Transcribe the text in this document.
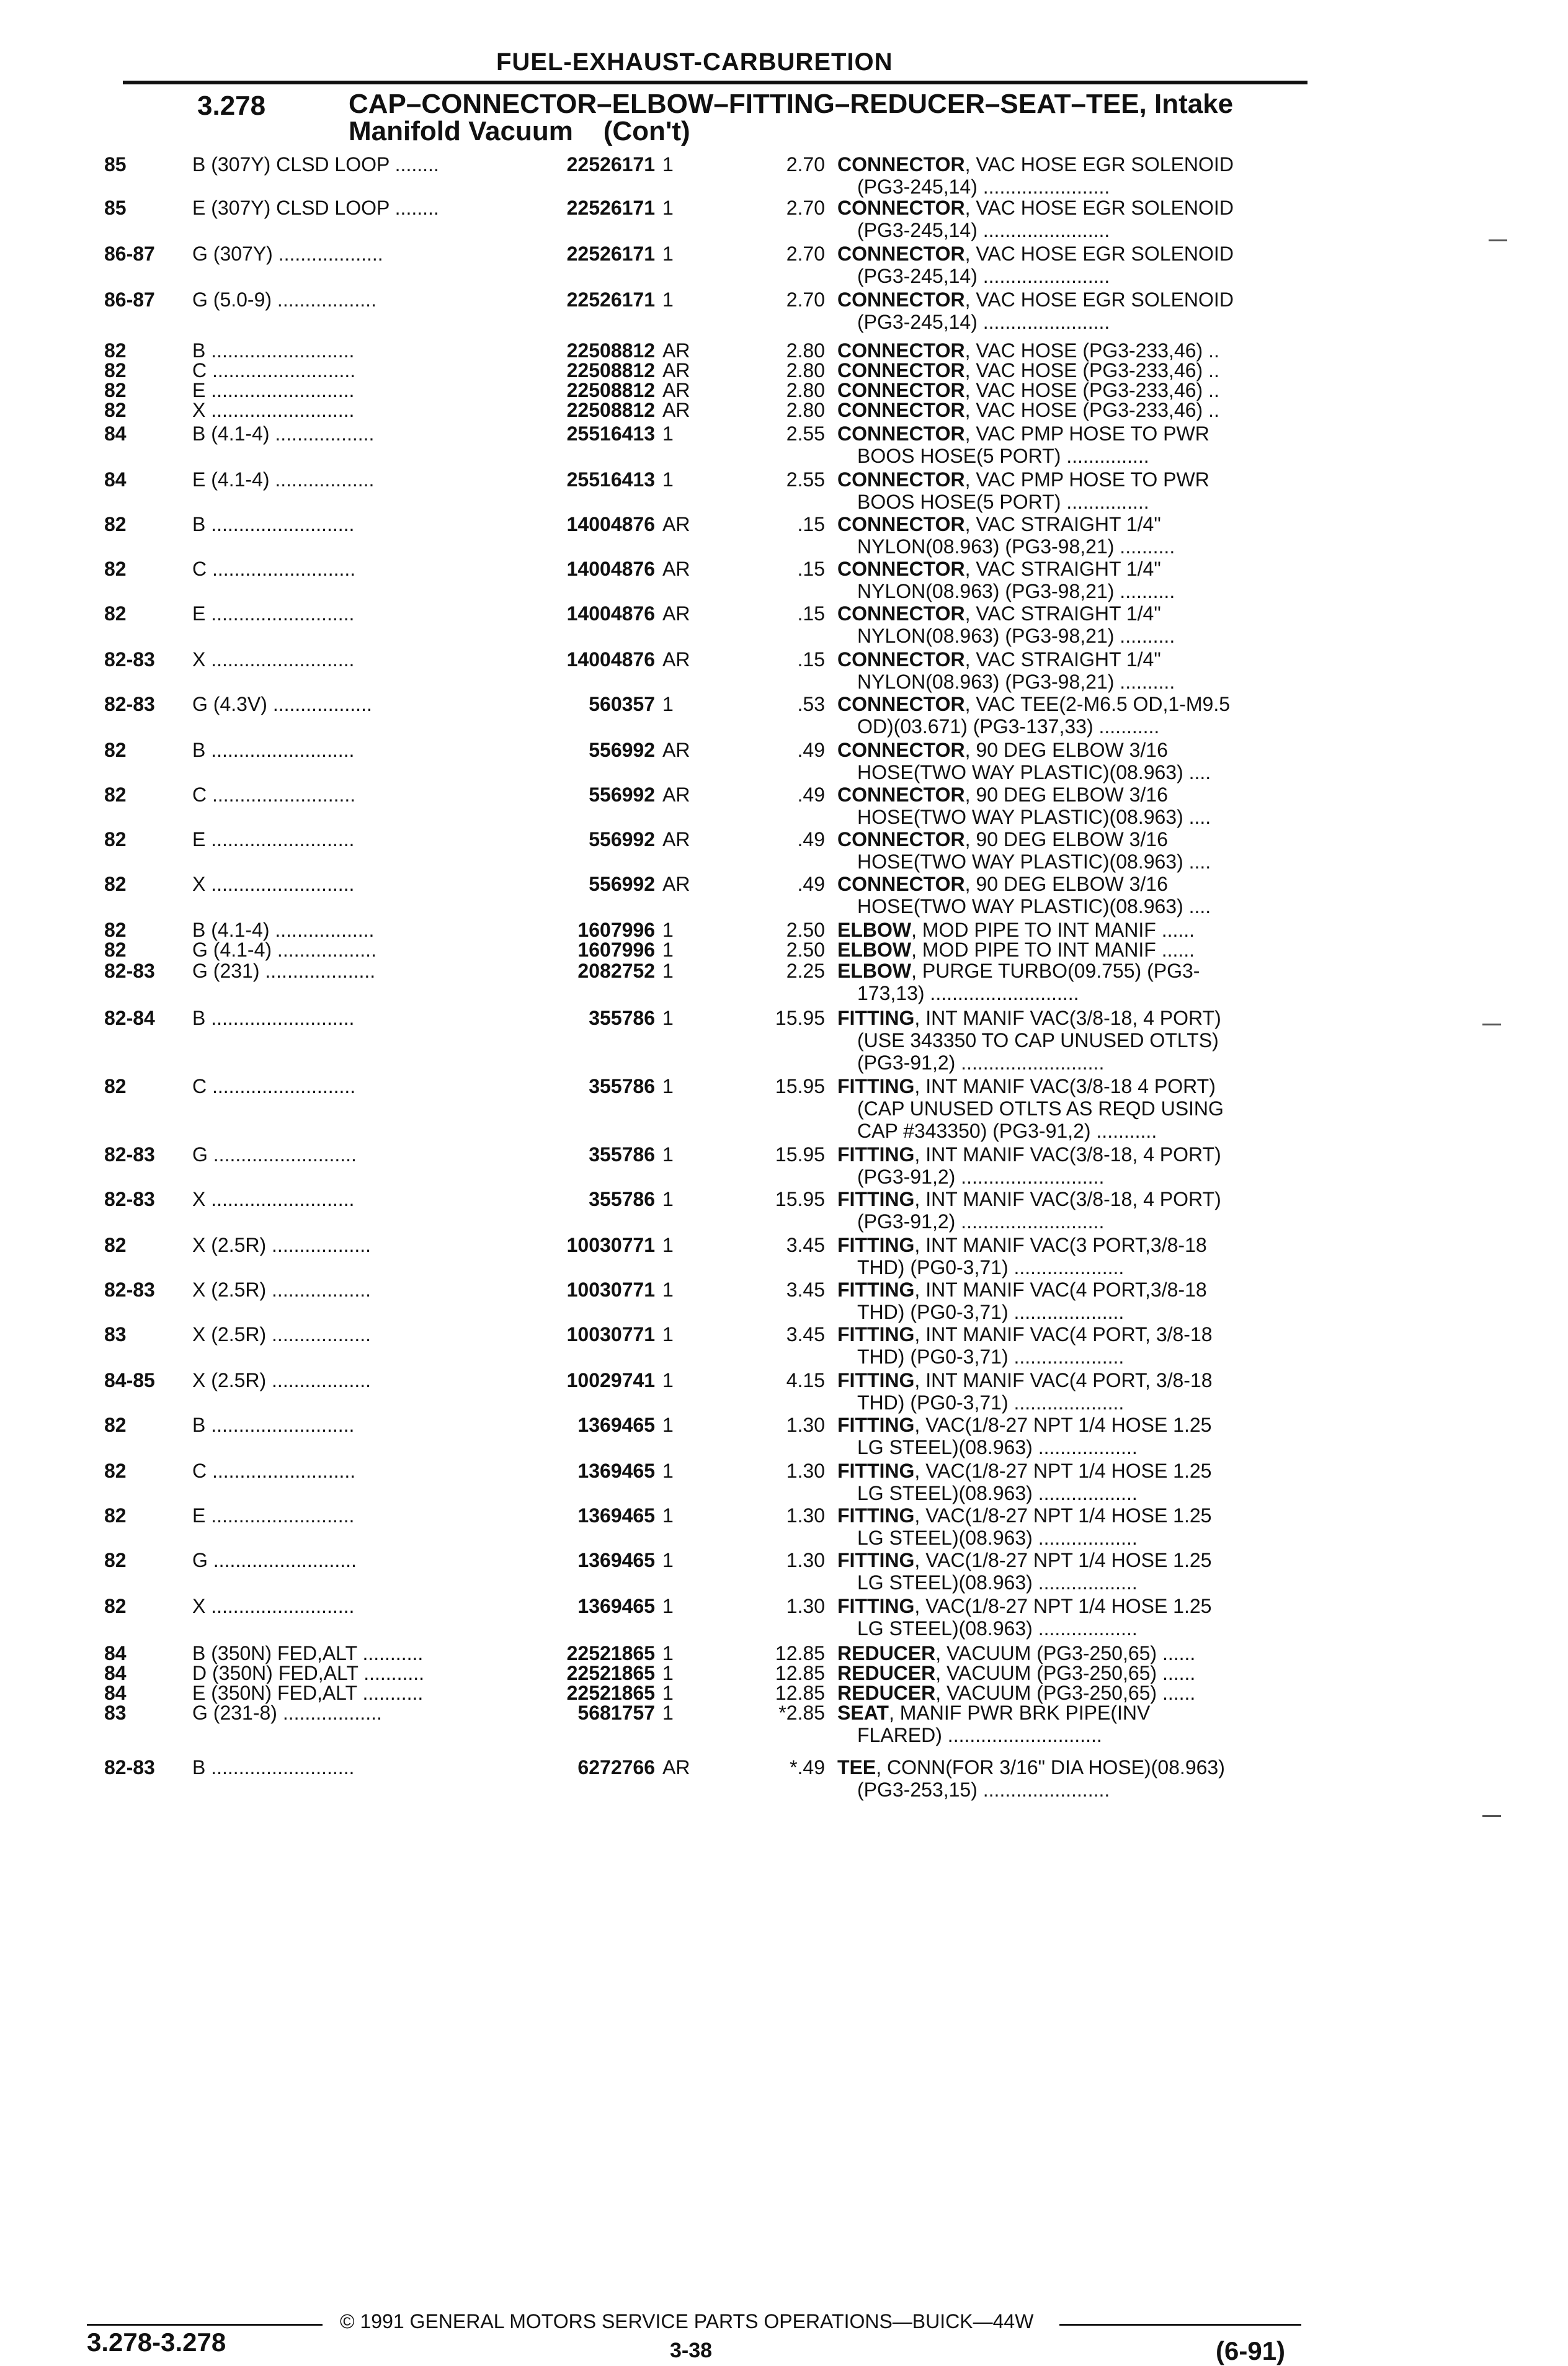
FUEL-EXHAUST-CARBURETION
3.278	CAP–CONNECTOR–ELBOW–FITTING–REDUCER–SEAT–TEE, Intake
Manifold Vacuum    (Con't)
85	B (307Y) CLSD LOOP ........	22526171 1	2.70 CONNECTOR, VAC HOSE EGR SOLENOID
(PG3-245,14) .......................
85	E (307Y) CLSD LOOP ........	22526171 1	2.70 CONNECTOR, VAC HOSE EGR SOLENOID
(PG3-245,14) .......................
86-87 G (307Y) ...................	22526171 1	2.70 CONNECTOR, VAC HOSE EGR SOLENOID
(PG3-245,14) .......................
86-87 G (5.0-9) ..................	22526171 1	2.70 CONNECTOR, VAC HOSE EGR SOLENOID
(PG3-245,14) .......................
82	B ..........................	22508812 AR	2.80 CONNECTOR, VAC HOSE (PG3-233,46) ..
82	C ..........................	22508812 AR	2.80 CONNECTOR, VAC HOSE (PG3-233,46) ..
82	E ..........................	22508812 AR	2.80 CONNECTOR, VAC HOSE (PG3-233,46) ..
82	X ..........................	22508812 AR	2.80 CONNECTOR, VAC HOSE (PG3-233,46) ..
84	B (4.1-4) ..................	25516413 1	2.55 CONNECTOR, VAC PMP HOSE TO PWR
BOOS HOSE(5 PORT) ...............
84	E (4.1-4) ..................	25516413 1	2.55 CONNECTOR, VAC PMP HOSE TO PWR
BOOS HOSE(5 PORT) ...............
82	B ..........................	14004876 AR	.15 CONNECTOR, VAC STRAIGHT 1/4"
NYLON(08.963) (PG3-98,21) ..........
82	C ..........................	14004876 AR	.15 CONNECTOR, VAC STRAIGHT 1/4"
NYLON(08.963) (PG3-98,21) ..........
82	E ..........................	14004876 AR	.15 CONNECTOR, VAC STRAIGHT 1/4"
NYLON(08.963) (PG3-98,21) ..........
82-83 X ..........................	14004876 AR	.15 CONNECTOR, VAC STRAIGHT 1/4"
NYLON(08.963) (PG3-98,21) ..........
82-83 G (4.3V) ..................	560357 1	.53 CONNECTOR, VAC TEE(2-M6.5 OD,1-M9.5
OD)(03.671) (PG3-137,33) ...........
82	B ..........................	556992 AR	.49 CONNECTOR, 90 DEG ELBOW 3/16
HOSE(TWO WAY PLASTIC)(08.963) ....
82	C ..........................	556992 AR	.49 CONNECTOR, 90 DEG ELBOW 3/16
HOSE(TWO WAY PLASTIC)(08.963) ....
82	E ..........................	556992 AR	.49 CONNECTOR, 90 DEG ELBOW 3/16
HOSE(TWO WAY PLASTIC)(08.963) ....
82	X ..........................	556992 AR	.49 CONNECTOR, 90 DEG ELBOW 3/16
HOSE(TWO WAY PLASTIC)(08.963) ....
82	B (4.1-4) ..................	1607996 1	2.50 ELBOW, MOD PIPE TO INT MANIF ......
82	G (4.1-4) ..................	1607996 1	2.50 ELBOW, MOD PIPE TO INT MANIF ......
82-83 G (231) ....................	2082752 1	2.25 ELBOW, PURGE TURBO(09.755) (PG3-
173,13) ...........................
82-84 B ..........................	355786 1	15.95 FITTING, INT MANIF VAC(3/8-18, 4 PORT)
(USE 343350 TO CAP UNUSED OTLTS)
(PG3-91,2) ..........................
82	C ..........................	355786 1	15.95 FITTING, INT MANIF VAC(3/8-18 4 PORT)
(CAP UNUSED OTLTS AS REQD USING
CAP #343350) (PG3-91,2) ...........
82-83 G ..........................	355786 1	15.95 FITTING, INT MANIF VAC(3/8-18, 4 PORT)
(PG3-91,2) ..........................
82-83 X ..........................	355786 1	15.95 FITTING, INT MANIF VAC(3/8-18, 4 PORT)
(PG3-91,2) ..........................
82	X (2.5R) ..................	10030771 1	3.45 FITTING, INT MANIF VAC(3 PORT,3/8-18
THD) (PG0-3,71) ....................
82-83 X (2.5R) ..................	10030771 1	3.45 FITTING, INT MANIF VAC(4 PORT,3/8-18
THD) (PG0-3,71) ....................
83	X (2.5R) ..................	10030771 1	3.45 FITTING, INT MANIF VAC(4 PORT, 3/8-18
THD) (PG0-3,71) ....................
84-85 X (2.5R) ..................	10029741 1	4.15 FITTING, INT MANIF VAC(4 PORT, 3/8-18
THD) (PG0-3,71) ....................
82	B ..........................	1369465 1	1.30 FITTING, VAC(1/8-27 NPT 1/4 HOSE 1.25
LG STEEL)(08.963) ..................
82	C ..........................	1369465 1	1.30 FITTING, VAC(1/8-27 NPT 1/4 HOSE 1.25
LG STEEL)(08.963) ..................
82	E ..........................	1369465 1	1.30 FITTING, VAC(1/8-27 NPT 1/4 HOSE 1.25
LG STEEL)(08.963) ..................
82	G ..........................	1369465 1	1.30 FITTING, VAC(1/8-27 NPT 1/4 HOSE 1.25
LG STEEL)(08.963) ..................
82	X ..........................	1369465 1	1.30 FITTING, VAC(1/8-27 NPT 1/4 HOSE 1.25
LG STEEL)(08.963) ..................
84	B (350N) FED,ALT ...........	22521865 1	12.85 REDUCER, VACUUM (PG3-250,65) ......
84	D (350N) FED,ALT ...........	22521865 1	12.85 REDUCER, VACUUM (PG3-250,65) ......
84	E (350N) FED,ALT ...........	22521865 1	12.85 REDUCER, VACUUM (PG3-250,65) ......
83	G (231-8) ..................	5681757 1	*2.85 SEAT, MANIF PWR BRK PIPE(INV
FLARED) ............................
82-83 B ..........................	6272766 AR	*.49 TEE, CONN(FOR 3/16" DIA HOSE)(08.963)
(PG3-253,15) .......................
© 1991 GENERAL MOTORS SERVICE PARTS OPERATIONS—BUICK—44W
3.278-3.278	3-38	(6-91)
